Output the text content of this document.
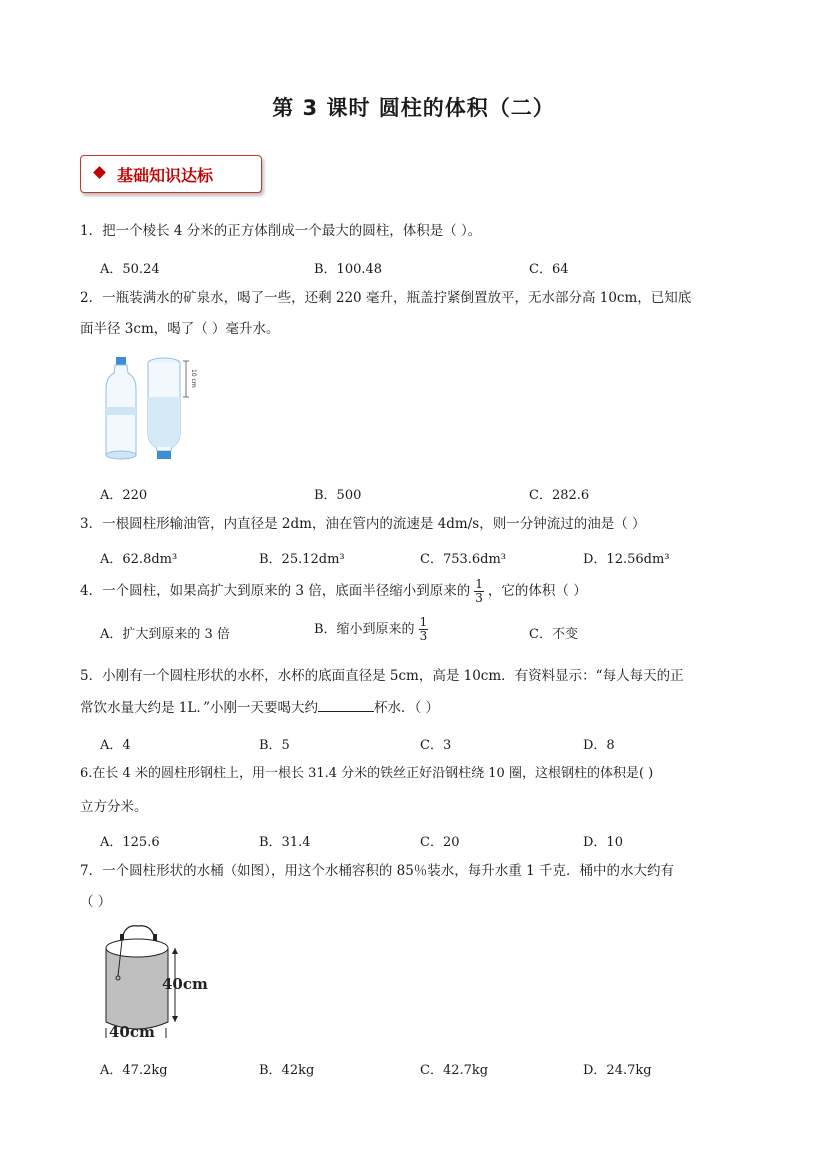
第 3 课时 圆柱的体积（二）
基础知识达标
1．把一个棱长 4 分米的正方体削成一个最大的圆柱，体积是（ ）。
A．50.24	B．100.48	C．64
2．一瓶装满水的矿泉水，喝了一些，还剩 220 毫升，瓶盖拧紧倒置放平，无水部分高 10cm，已知底
面半径 3cm，喝了（ ）毫升水。
10 cm
A．220	B．500	C．282.6
3．一根圆柱形输油管，内直径是 2dm，油在管内的流速是 4dm/s，则一分钟流过的油是（ ）
A．62.8dm³	B．25.12dm³	C．753.6dm³	D．12.56dm³
4．一个圆柱，如果高扩大到原来的 3 倍，底面半径缩小到原来的 $\frac{1}{3}$ ，它的体积（ ）
A．扩大到原来的 3 倍	B．缩小到原来的 $\frac{1}{3}$	C．不变
5．小刚有一个圆柱形状的水杯，水杯的底面直径是 5cm，高是 10cm．有资料显示：“每人每天的正
常饮水量大约是 1L．”小刚一天要喝大约	杯水．（ ）
A．4	B．5	C．3	D．8
6.在长 4 米的圆柱形钢柱上，用一根长 31.4 分米的铁丝正好沿钢柱绕 10 圈，这根钢柱的体积是( )
立方分米。
A．125.6	B．31.4	C．20	D．10
7．一个圆柱形状的水桶（如图），用这个水桶容积的 85％装水，每升水重 1 千克．桶中的水大约有
（ ）
40cm
40cm
A．47.2kg	B．42kg	C．42.7kg	D．24.7kg
